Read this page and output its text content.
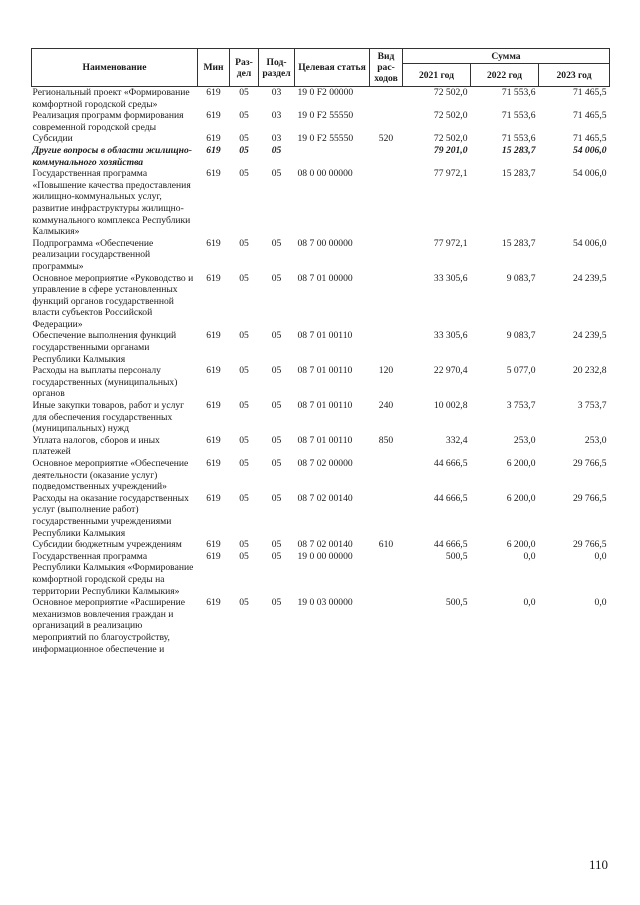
Наименование	Мин	Раз-дел	Под-раздел	Целевая статья	Вид рас-ходов	Сумма		
						2021 год	2022 год	2023 год
Региональный проект «Формирование комфортной городской среды»	619	05	03	19 0 F2 00000		72 502,0	71 553,6	71 465,5
Реализация программ формирования современной городской среды	619	05	03	19 0 F2 55550		72 502,0	71 553,6	71 465,5
Субсидии	619	05	03	19 0 F2 55550	520	72 502,0	71 553,6	71 465,5
Другие вопросы в области жилищно-коммунального хозяйства	619	05	05			79 201,0	15 283,7	54 006,0
Государственная программа «Повышение качества предоставления жилищно-коммунальных услуг, развитие инфраструктуры жилищно-коммунального комплекса Республики Калмыкия»	619	05	05	08 0 00 00000		77 972,1	15 283,7	54 006,0
Подпрограмма «Обеспечение реализации государственной программы»	619	05	05	08 7 00 00000		77 972,1	15 283,7	54 006,0
Основное мероприятие «Руководство и управление в сфере установленных функций органов государственной власти субъектов Российской Федерации»	619	05	05	08 7 01 00000		33 305,6	9 083,7	24 239,5
Обеспечение выполнения функций государственными органами Республики Калмыкия	619	05	05	08 7 01 00110		33 305,6	9 083,7	24 239,5
Расходы на выплаты персоналу государственных (муниципальных) органов	619	05	05	08 7 01 00110	120	22 970,4	5 077,0	20 232,8
Иные закупки товаров, работ и услуг для обеспечения государственных (муниципальных) нужд	619	05	05	08 7 01 00110	240	10 002,8	3 753,7	3 753,7
Уплата налогов, сборов и иных платежей	619	05	05	08 7 01 00110	850	332,4	253,0	253,0
Основное мероприятие «Обеспечение деятельности (оказание услуг) подведомственных учреждений»	619	05	05	08 7 02 00000		44 666,5	6 200,0	29 766,5
Расходы на оказание государственных услуг (выполнение работ) государственными учреждениями Республики Калмыкия	619	05	05	08 7 02 00140		44 666,5	6 200,0	29 766,5
Субсидии бюджетным учреждениям	619	05	05	08 7 02 00140	610	44 666,5	6 200,0	29 766,5
Государственная программа Республики Калмыкия «Формирование комфортной городской среды на территории Республики Калмыкия»	619	05	05	19 0 00 00000		500,5	0,0	0,0
Основное мероприятие «Расширение механизмов вовлечения граждан и организаций в реализацию мероприятий по благоустройству, информационное обеспечение и	619	05	05	19 0 03 00000		500,5	0,0	0,0
110
